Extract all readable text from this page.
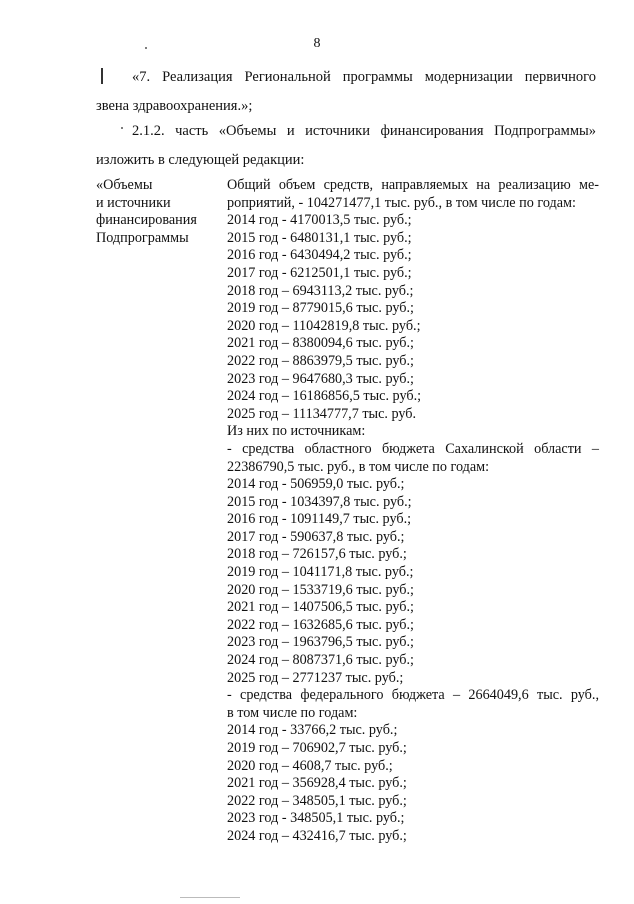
8
«7. Реализация Региональной программы модернизации первичного
звена здравоохранения.»;
2.1.2. часть «Объемы и источники финансирования Подпрограммы»
изложить в следующей редакции:
«Объемы
и источники
финансирования
Подпрограммы
Общий объем средств, направляемых на реализацию ме-
роприятий, - 104271477,1 тыс. руб., в том числе по годам:
2014 год - 4170013,5 тыс. руб.;
2015 год - 6480131,1 тыс. руб.;
2016 год - 6430494,2 тыс. руб.;
2017 год - 6212501,1 тыс. руб.;
2018 год – 6943113,2 тыс. руб.;
2019 год – 8779015,6 тыс. руб.;
2020 год – 11042819,8 тыс. руб.;
2021 год – 8380094,6 тыс. руб.;
2022 год – 8863979,5 тыс. руб.;
2023 год – 9647680,3 тыс. руб.;
2024 год – 16186856,5 тыс. руб.;
2025 год – 11134777,7 тыс. руб.
Из них по источникам:
- средства областного бюджета Сахалинской области –
22386790,5 тыс. руб., в том числе по годам:
2014 год - 506959,0 тыс. руб.;
2015 год - 1034397,8 тыс. руб.;
2016 год - 1091149,7 тыс. руб.;
2017 год - 590637,8 тыс. руб.;
2018 год – 726157,6 тыс. руб.;
2019 год – 1041171,8 тыс. руб.;
2020 год – 1533719,6 тыс. руб.;
2021 год – 1407506,5 тыс. руб.;
2022 год – 1632685,6 тыс. руб.;
2023 год – 1963796,5 тыс. руб.;
2024 год – 8087371,6 тыс. руб.;
2025 год – 2771237 тыс. руб.;
- средства федерального бюджета – 2664049,6 тыс. руб.,
в том числе по годам:
2014 год - 33766,2 тыс. руб.;
2019 год – 706902,7 тыс. руб.;
2020 год – 4608,7 тыс. руб.;
2021 год – 356928,4 тыс. руб.;
2022 год – 348505,1 тыс. руб.;
2023 год - 348505,1 тыс. руб.;
2024 год – 432416,7 тыс. руб.;
